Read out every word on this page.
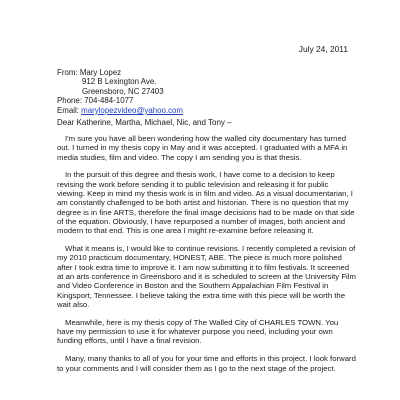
July 24, 2011
From: Mary Lopez
912 B Lexington Ave.
Greensboro, NC 27403
Phone: 704-484-1077
Email: marylopezvideo@yahoo.com
Dear Katherine, Martha, Michael, Nic, and Tony –

I'm sure you have all been wondering how the walled city documentary has turned out. I turned in my thesis copy in May and it was accepted. I graduated with a MFA in media studies, film and video. The copy I am sending you is that thesis.

In the pursuit of this degree and thesis work, I have come to a decision to keep revising the work before sending it to public television and releasing it for public viewing. Keep in mind my thesis work is in film and video. As a visual documentarian, I am constantly challenged to be both artist and historian. There is no question that my degree is in fine ARTS, therefore the final image decisions had to be made on that side of the equation. Obviously, I have repurposed a number of images, both ancient and modern to that end. This is one area I might re-examine before releasing it.

What it means is, I would like to continue revisions. I recently completed a revision of my 2010 practicum documentary, HONEST, ABE. The piece is much more polished after I took extra time to improve it. I am now submitting it to film festivals. It screened at an arts conference in Greensboro and it is scheduled to screen at the University Film and Video Conference in Boston and the Southern Appalachian Film Festival in Kingsport, Tennessee. I believe taking the extra time with this piece will be worth the wait also.

Meanwhile, here is my thesis copy of The Walled City of CHARLES TOWN. You have my permission to use it for whatever purpose you need, including your own funding efforts, until I have a final revision.

Many, many thanks to all of you for your time and efforts in this project. I look forward to your comments and I will consider them as I go to the next stage of the project.
